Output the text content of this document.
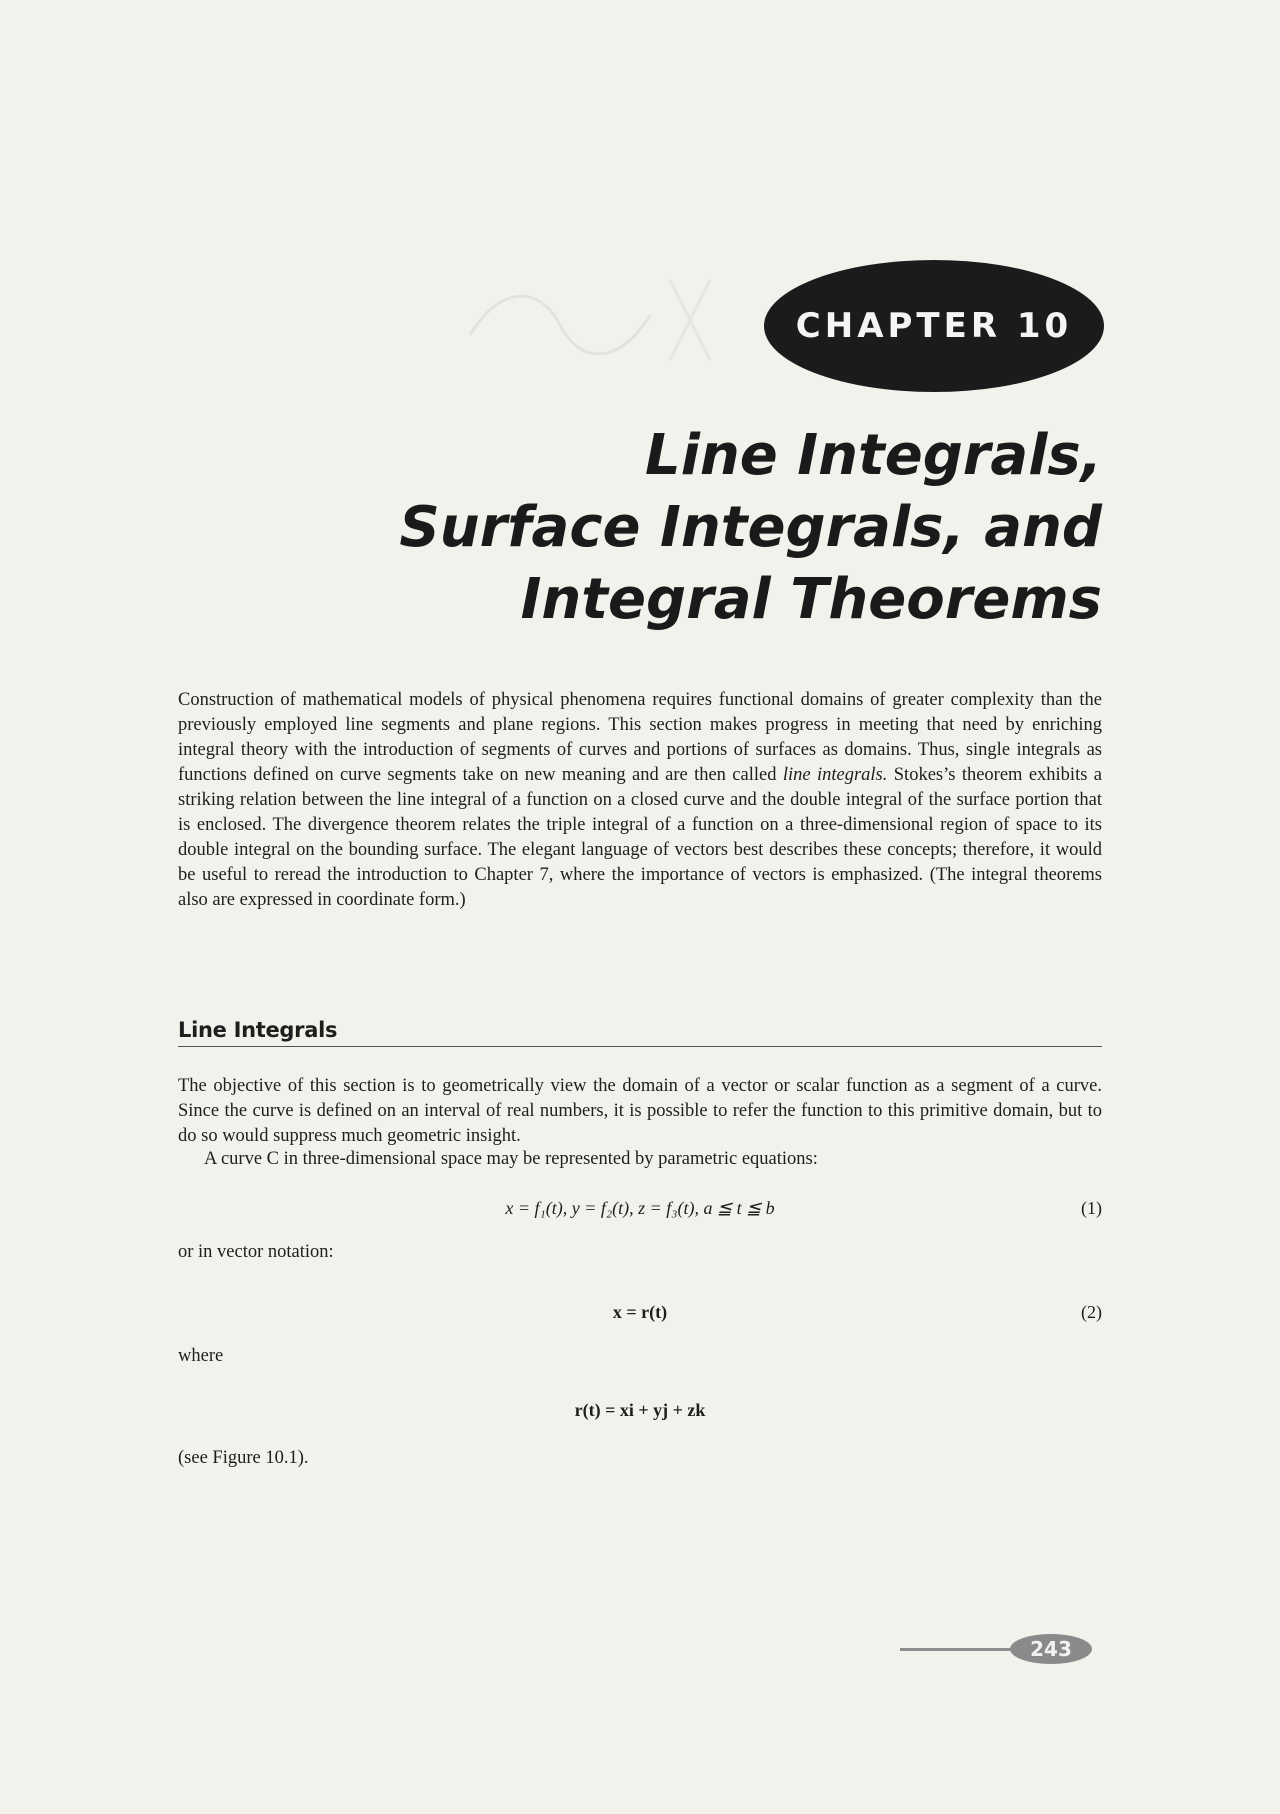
CHAPTER 10
Line Integrals,
Surface Integrals, and
Integral Theorems

Construction of mathematical models of physical phenomena requires functional domains of greater complexity than the previously employed line segments and plane regions. This section makes progress in meeting that need by enriching integral theory with the introduction of segments of curves and portions of surfaces as domains. Thus, single integrals as functions defined on curve segments take on new meaning and are then called line integrals. Stokes’s theorem exhibits a striking relation between the line integral of a function on a closed curve and the double integral of the surface portion that is enclosed. The divergence theorem relates the triple integral of a function on a three-dimensional region of space to its double integral on the bounding surface. The elegant language of vectors best describes these concepts; therefore, it would be useful to reread the introduction to Chapter 7, where the importance of vectors is emphasized. (The integral theorems also are expressed in coordinate form.)

Line Integrals

The objective of this section is to geometrically view the domain of a vector or scalar function as a segment of a curve. Since the curve is defined on an interval of real numbers, it is possible to refer the function to this primitive domain, but to do so would suppress much geometric insight.

A curve C in three-dimensional space may be represented by parametric equations:

x = f₁(t), y = f₂(t), z = f₃(t), a ≦ t ≦ b	(1)
or in vector notation:
x = r(t)	(2)
where
r(t) = xi + yj + zk
(see Figure 10.1).
243
